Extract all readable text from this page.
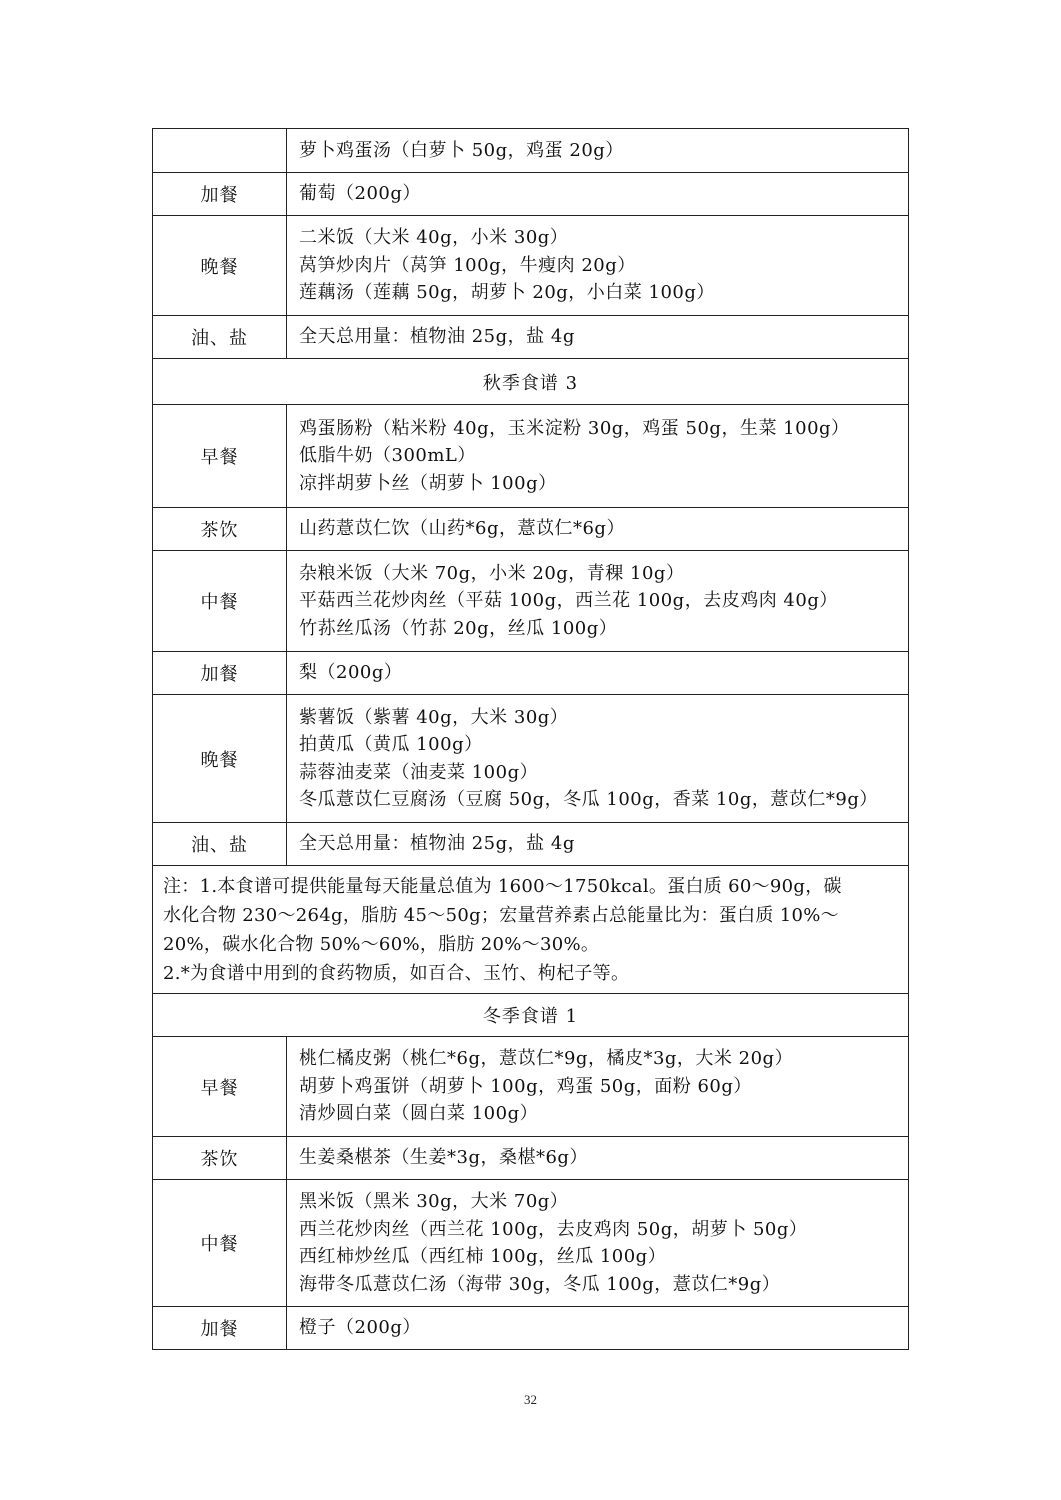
	萝卜鸡蛋汤（白萝卜 50g，鸡蛋 20g）

加餐	葡萄（200g）

晚餐	二米饭（大米 40g，小米 30g）
莴笋炒肉片（莴笋 100g，牛瘦肉 20g）
莲藕汤（莲藕 50g，胡萝卜 20g，小白菜 100g）

油、盐	全天总用量：植物油 25g，盐 4g

秋季食谱 3	
早餐	鸡蛋肠粉（粘米粉 40g，玉米淀粉 30g，鸡蛋 50g，生菜 100g）
低脂牛奶（300mL）
凉拌胡萝卜丝（胡萝卜 100g）

茶饮	山药薏苡仁饮（山药*6g，薏苡仁*6g）

中餐	杂粮米饭（大米 70g，小米 20g，青稞 10g）
平菇西兰花炒肉丝（平菇 100g，西兰花 100g，去皮鸡肉 40g）
竹荪丝瓜汤（竹荪 20g，丝瓜 100g）

加餐	梨（200g）

晚餐	紫薯饭（紫薯 40g，大米 30g）
拍黄瓜（黄瓜 100g）
蒜蓉油麦菜（油麦菜 100g）
冬瓜薏苡仁豆腐汤（豆腐 50g，冬瓜 100g，香菜 10g，薏苡仁*9g）

油、盐	全天总用量：植物油 25g，盐 4g

注：1.本食谱可提供能量每天能量总值为 1600～1750kcal。蛋白质 60～90g，碳
水化合物 230～264g，脂肪 45～50g；宏量营养素占总能量比为：蛋白质 10%～
20%，碳水化合物 50%～60%，脂肪 20%～30%。
2.*为食谱中用到的食药物质，如百合、玉竹、枸杞子等。	

冬季食谱 1	
早餐	桃仁橘皮粥（桃仁*6g，薏苡仁*9g，橘皮*3g，大米 20g）
胡萝卜鸡蛋饼（胡萝卜 100g，鸡蛋 50g，面粉 60g）
清炒圆白菜（圆白菜 100g）

茶饮	生姜桑椹茶（生姜*3g，桑椹*6g）

中餐	黑米饭（黑米 30g，大米 70g）
西兰花炒肉丝（西兰花 100g，去皮鸡肉 50g，胡萝卜 50g）
西红柿炒丝瓜（西红柿 100g，丝瓜 100g）
海带冬瓜薏苡仁汤（海带 30g，冬瓜 100g，薏苡仁*9g）

加餐	橙子（200g）
32
